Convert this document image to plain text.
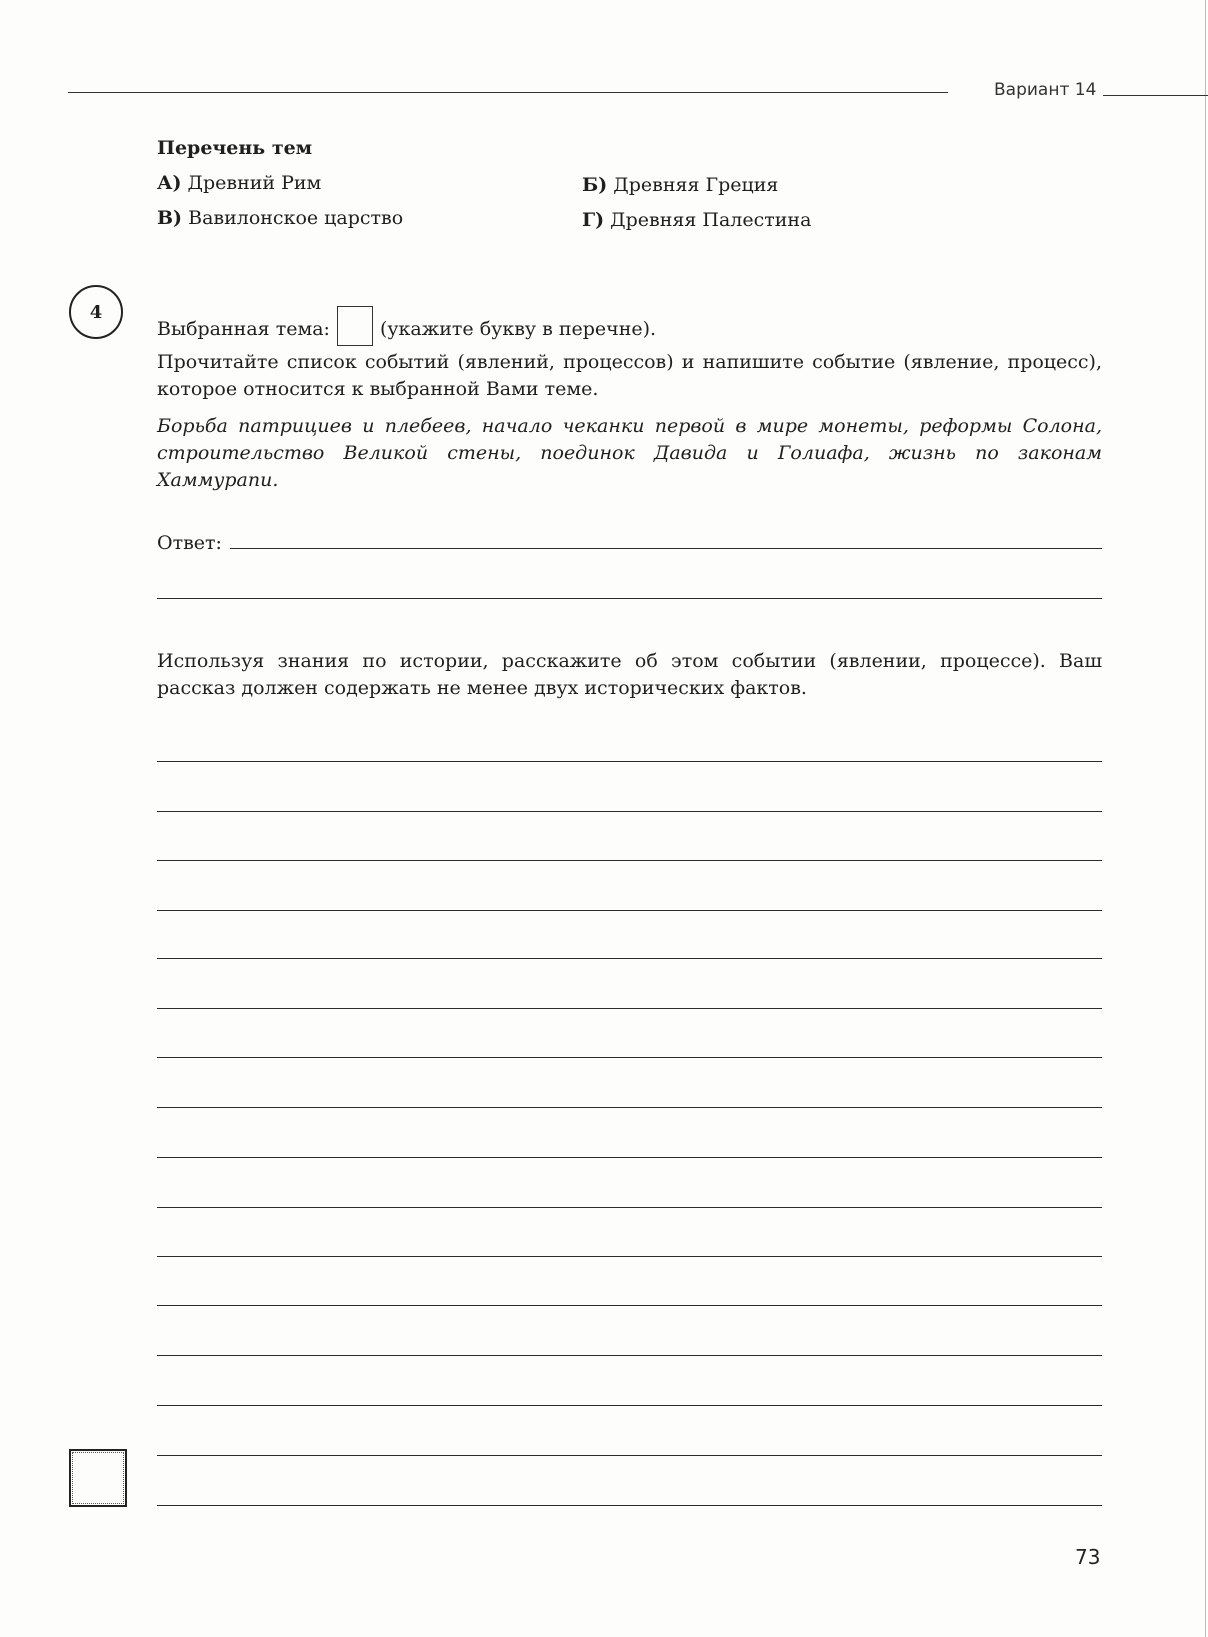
Вариант 14
Перечень тем
А) Древний Рим	Б) Древняя Греция
В) Вавилонское царство	Г) Древняя Палестина
4
Выбранная тема:	(укажите букву в перечне).
Прочитайте список событий (явлений, процессов) и напишите событие (явление, процесс), которое относится к выбранной Вами теме.
Борьба патрициев и плебеев, начало чеканки первой в мире монеты, реформы Солона, строительство Великой стены, поединок Давида и Голиафа, жизнь по законам Хаммурапи.
Ответ:
Используя знания по истории, расскажите об этом событии (явлении, процессе). Ваш рассказ должен содержать не менее двух исторических фактов.
73
